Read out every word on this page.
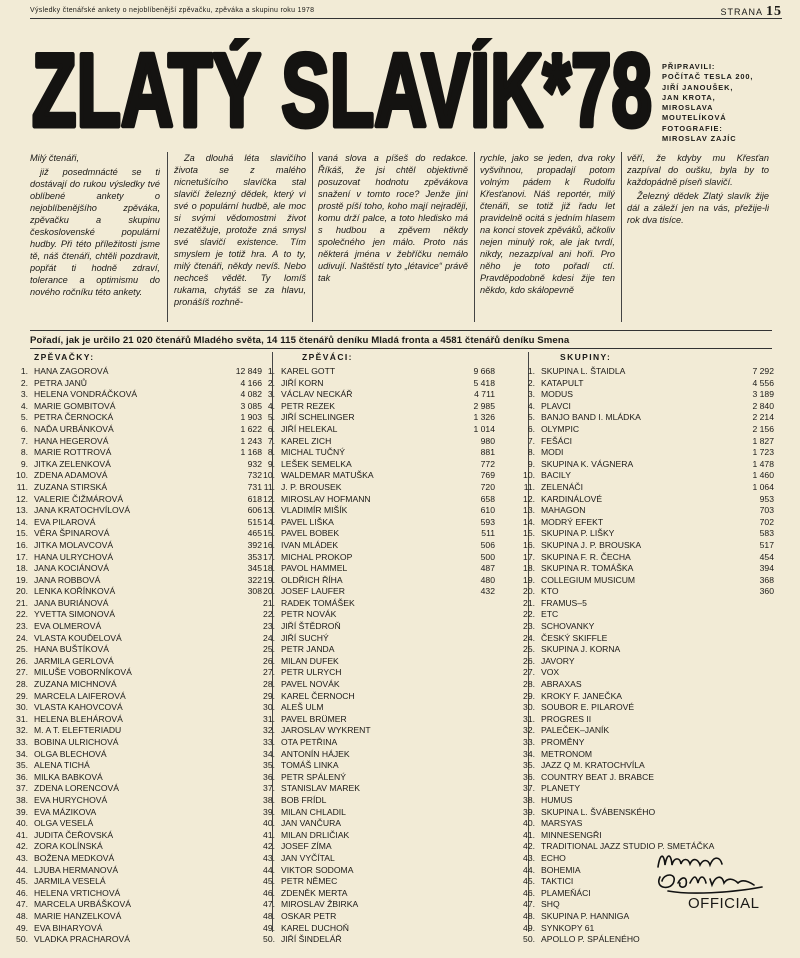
Výsledky čtenářské ankety o nejoblíbenější zpěvačku, zpěváka a skupinu roku 1978	STRANA 15
ZLATÝ SLAVÍK*78 PŘIPRAVILI:
POČÍTAČ TESLA 200,
JIŘÍ JANOUŠEK,
JAN KROTA,
MIROSLAVA
MOUTELÍKOVÁ
FOTOGRAFIE:
MIROSLAV ZAJÍC

Milý čtenáři,

již posedmnácté se ti dostávají do rukou výsledky tvé oblíbené ankety o nejoblíbenějšího zpěváka, zpěvačku a skupinu československé populární hudby. Při této příležitosti jsme tě, náš čtenáři, chtěli pozdravit, popřát ti hodně zdraví, tolerance a optimismu do nového ročníku této ankety.

Za dlouhá léta slavičího života se z malého nicnetušícího slavíčka stal slavičí železný dědek, který ví své o populární hudbě, ale moc si svými vědomostmi život nezatěžuje, protože zná smysl své slavičí existence. Tím smyslem je totiž hra. A to ty, milý čtenáři, někdy nevíš. Nebo nechceš vědět. Ty lomíš rukama, chytáš se za hlavu, pronášíš rozhně-

vaná slova a píšeš do redakce. Říkáš, že jsi chtěl objektivně posuzovat hodnotu zpěvákova snažení v tomto roce? Jenže jiní prostě píší toho, koho mají nejraději, komu drží palce, a toto hledisko má s hudbou a zpěvem někdy společného jen málo. Proto nás některá jména v žebříčku nemálo udivují. Naštěstí tyto „létavice“ právě tak

rychle, jako se jeden, dva roky vyšvihnou, propadají potom volným pádem k Rudolfu Křesťanovi. Náš reportér, milý čtenáři, se totiž již řadu let pravidelně ocitá s jedním hlasem na konci stovek zpěváků, ačkoliv nejen minulý rok, ale jak tvrdí, nikdy, nezazpíval ani hoři. Pro něho je toto pořadí ctí. Pravděpodobně kdesi žije ten někdo, kdo skálopevně

věří, že kdyby mu Křesťan zazpíval do oušku, byla by to každopádně píseň slavičí.

Železný dědek Zlatý slavík žije dál a záleží jen na vás, přežije-li rok dva tisíce.

Pořadí, jak je určilo 21 020 čtenářů Mladého světa, 14 115 čtenářů deníku Mladá fronta a 4581 čtenářů deníku Smena
ZPĚVAČKY:	ZPĚVÁCI:	SKUPINY:
1. HANA ZAGOROVÁ	12 849
2. PETRA JANŮ	4 166
3. HELENA VONDRÁČKOVÁ	4 082
4. MARIE GOMBITOVÁ	3 085
5. PETRA ČERNOCKÁ	1 903
6. NAĎA URBÁNKOVÁ	1 622
7. HANA HEGEROVÁ	1 243
8. MARIE ROTTROVÁ	1 168
9. JITKA ZELENKOVÁ	932
10. ZDENA ADAMOVÁ	732
11. ZUZANA STIRSKÁ	731
12. VALERIE ČIŽMÁROVÁ	618
13. JANA KRATOCHVÍLOVÁ	606
14. EVA PILAROVÁ	515
15. VĚRA ŠPINAROVÁ	465
16. JITKA MOLAVCOVÁ	392
17. HANA ULRYCHOVÁ	353
18. JANA KOCIÁNOVÁ	345
19. JANA ROBBOVÁ	322
20. LENKA KOŘÍNKOVÁ	308
21. JANA BURIÁNOVÁ
22. YVETTA SIMONOVÁ
23. EVA OLMEROVÁ
24. VLASTA KOUĎELOVÁ
25. HANA BUŠTÍKOVÁ
26. JARMILA GERLOVÁ
27. MILUŠE VOBORNÍKOVÁ
28. ZUZANA MICHNOVÁ
29. MARCELA LAIFEROVÁ
30. VLASTA KAHOVCOVÁ
31. HELENA BLEHÁROVÁ
32. M. A T. ELEFTERIADU
33. BOBINA ULRICHOVÁ
34. OLGA BLECHOVÁ
35. ALENA TICHÁ
36. MILKA BABKOVÁ
37. ZDENA LORENCOVÁ
38. EVA HURYCHOVÁ
39. EVA MÁZIKOVA
40. OLGA VESELÁ
41. JUDITA ČEŘOVSKÁ
42. ZORA KOLÍNSKÁ
43. BOŽENA MEDKOVÁ
44. LJUBA HERMANOVÁ
45. JARMILA VESELÁ
46. HELENA VRTICHOVÁ
47. MARCELA URBÁŠKOVÁ
48. MARIE HANZELKOVÁ
49. EVA BIHARYOVÁ
50. VLADKA PRACHAROVÁ
1. KAREL GOTT	9 668
2. JIŘÍ KORN	5 418
3. VÁCLAV NECKÁŘ	4 711
4. PETR REZEK	2 985
5. JIŘÍ SCHELINGER	1 326
6. JIŘÍ HELEKAL	1 014
7. KAREL ZICH	980
8. MICHAL TUČNÝ	881
9. LEŠEK SEMELKA	772
10. WALDEMAR MATUŠKA	769
11. J. P. BROUSEK	720
12. MIROSLAV HOFMANN	658
13. VLADIMÍR MIŠÍK	610
14. PAVEL LIŠKA	593
15. PAVEL BOBEK	511
16. IVAN MLÁDEK	506
17. MICHAL PROKOP	500
18. PAVOL HAMMEL	487
19. OLDŘICH ŘÍHA	480
20. JOSEF LAUFER	432
21. RADEK TOMÁŠEK
22. PETR NOVÁK
23. JIŘÍ ŠTĚDROŇ
24. JIŘÍ SUCHÝ
25. PETR JANDA
26. MILAN DUFEK
27. PETR ULRYCH
28. PAVEL NOVÁK
29. KAREL ČERNOCH
30. ALEŠ ULM
31. PAVEL BRÜMER
32. JAROSLAV WYKRENT
33. OTA PETŘINA
34. ANTONÍN HÁJEK
35. TOMÁŠ LINKA
36. PETR SPÁLENÝ
37. STANISLAV MAREK
38. BOB FRÍDL
39. MILAN CHLADIL
40. JAN VANČURA
41. MILAN DRLIČIAK
42. JOSEF ZÍMA
43. JAN VYČÍTAL
44. VIKTOR SODOMA
45. PETR NĚMEC
46. ZDENĚK MERTA
47. MIROSLAV ŽBIRKA
48. OSKAR PETR
49. KAREL DUCHOŇ
50. JIŘÍ ŠINDELÁŘ
1. SKUPINA L. ŠTAIDLA	7 292
2. KATAPULT	4 556
3. MODUS	3 189
4. PLAVCI	2 840
5. BANJO BAND I. MLÁDKA	2 214
6. OLYMPIC	2 156
7. FEŠÁCI	1 827
8. MODI	1 723
9. SKUPINA K. VÁGNERA	1 478
10. BACILY	1 460
11. ZELENÁČI	1 064
12. KARDINÁLOVÉ	953
13. MAHAGON	703
14. MODRÝ EFEKT	702
15. SKUPINA P. LIŠKY	583
16. SKUPINA J. P. BROUSKA	517
17. SKUPINA F. R. ČECHA	454
18. SKUPINA R. TOMÁŠKA	394
19. COLLEGIUM MUSICUM	368
20. KTO	360
21. FRAMUS–5
22. ETC
23. SCHOVANKY
24. ČESKÝ SKIFFLE
25. SKUPINA J. KORNA
26. JAVORY
27. VOX
28. ABRAXAS
29. KROKY F. JANEČKA
30. SOUBOR E. PILAROVÉ
31. PROGRES II
32. PALEČEK–JANÍK
33. PROMĚNY
34. METRONOM
35. JAZZ Q M. KRATOCHVÍLA
36. COUNTRY BEAT J. BRABCE
37. PLANETY
38. HUMUS
39. SKUPINA L. ŠVÁBENSKÉHO
40. MARSYAS
41. MINNESENGŘI
42. TRADITIONAL JAZZ STUDIO P. SMETÁČKA
43. ECHO
44. BOHEMIA
45. TAKTICI
46. PLAMEŇÁCI
47. SHQ
48. SKUPINA P. HANNIGA
49. SYNKOPY 61
50. APOLLO P. SPÁLENÉHO
OFFICIAL
